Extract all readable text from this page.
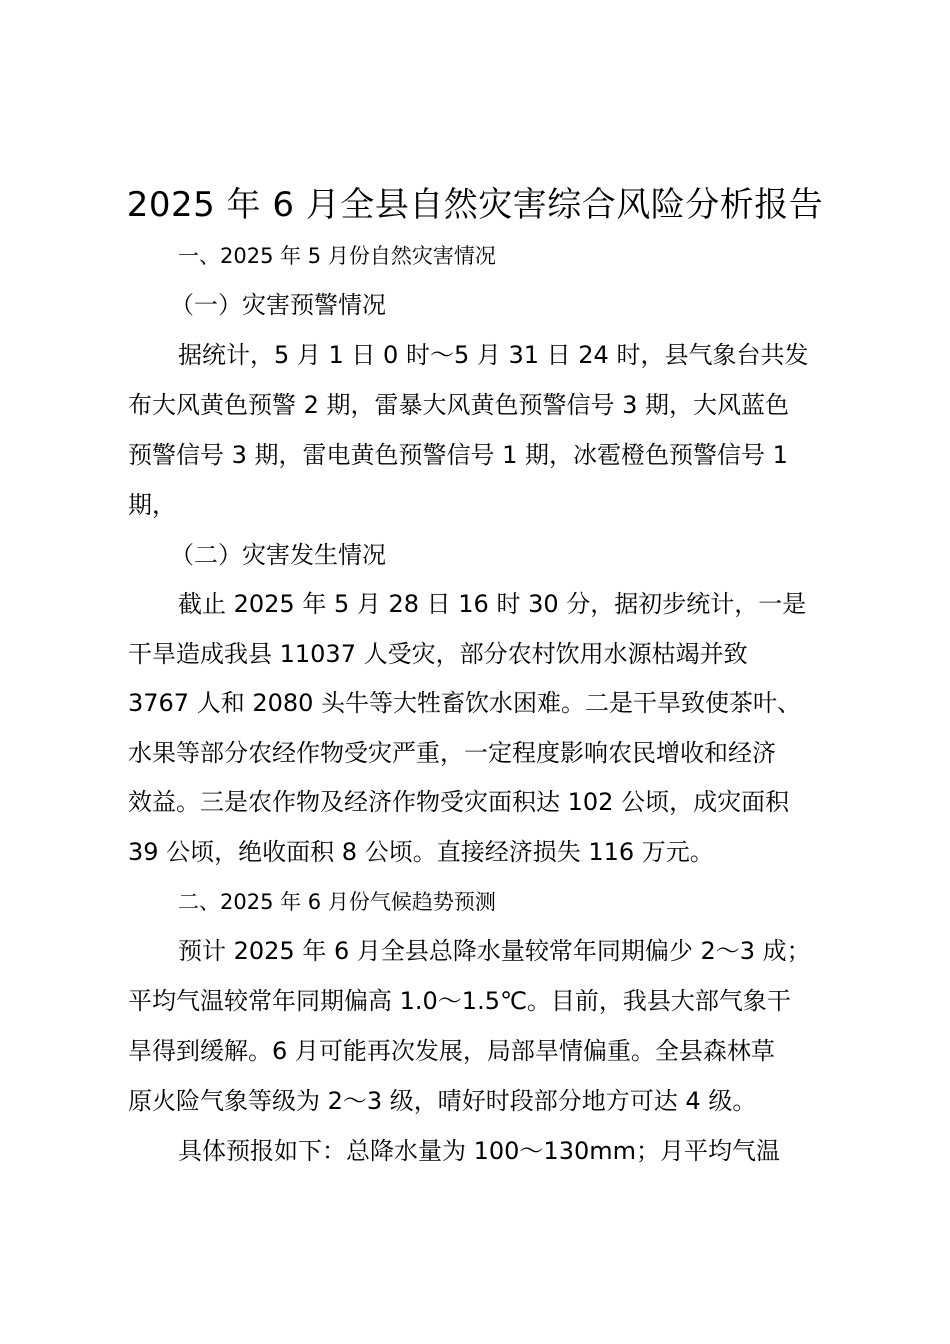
2025 年 6 月全县自然灾害综合风险分析报告
一、2025 年 5 月份自然灾害情况
（一）灾害预警情况
据统计，5 月 1 日 0 时～5 月 31 日 24 时，县气象台共发
布大风黄色预警 2 期，雷暴大风黄色预警信号 3 期，大风蓝色
预警信号 3 期，雷电黄色预警信号 1 期，冰雹橙色预警信号 1
期，
（二）灾害发生情况
截止 2025 年 5 月 28 日 16 时 30 分，据初步统计，一是
干旱造成我县 11037 人受灾，部分农村饮用水源枯竭并致
3767 人和 2080 头牛等大牲畜饮水困难。二是干旱致使茶叶、
水果等部分农经作物受灾严重，一定程度影响农民增收和经济
效益。三是农作物及经济作物受灾面积达 102 公顷，成灾面积
39 公顷，绝收面积 8 公顷。直接经济损失 116 万元。
二、2025 年 6 月份气候趋势预测
预计 2025 年 6 月全县总降水量较常年同期偏少 2～3 成；
平均气温较常年同期偏高 1.0～1.5℃。目前，我县大部气象干
旱得到缓解。6 月可能再次发展，局部旱情偏重。全县森林草
原火险气象等级为 2～3 级，晴好时段部分地方可达 4 级。
具体预报如下：总降水量为 100～130mm；月平均气温
